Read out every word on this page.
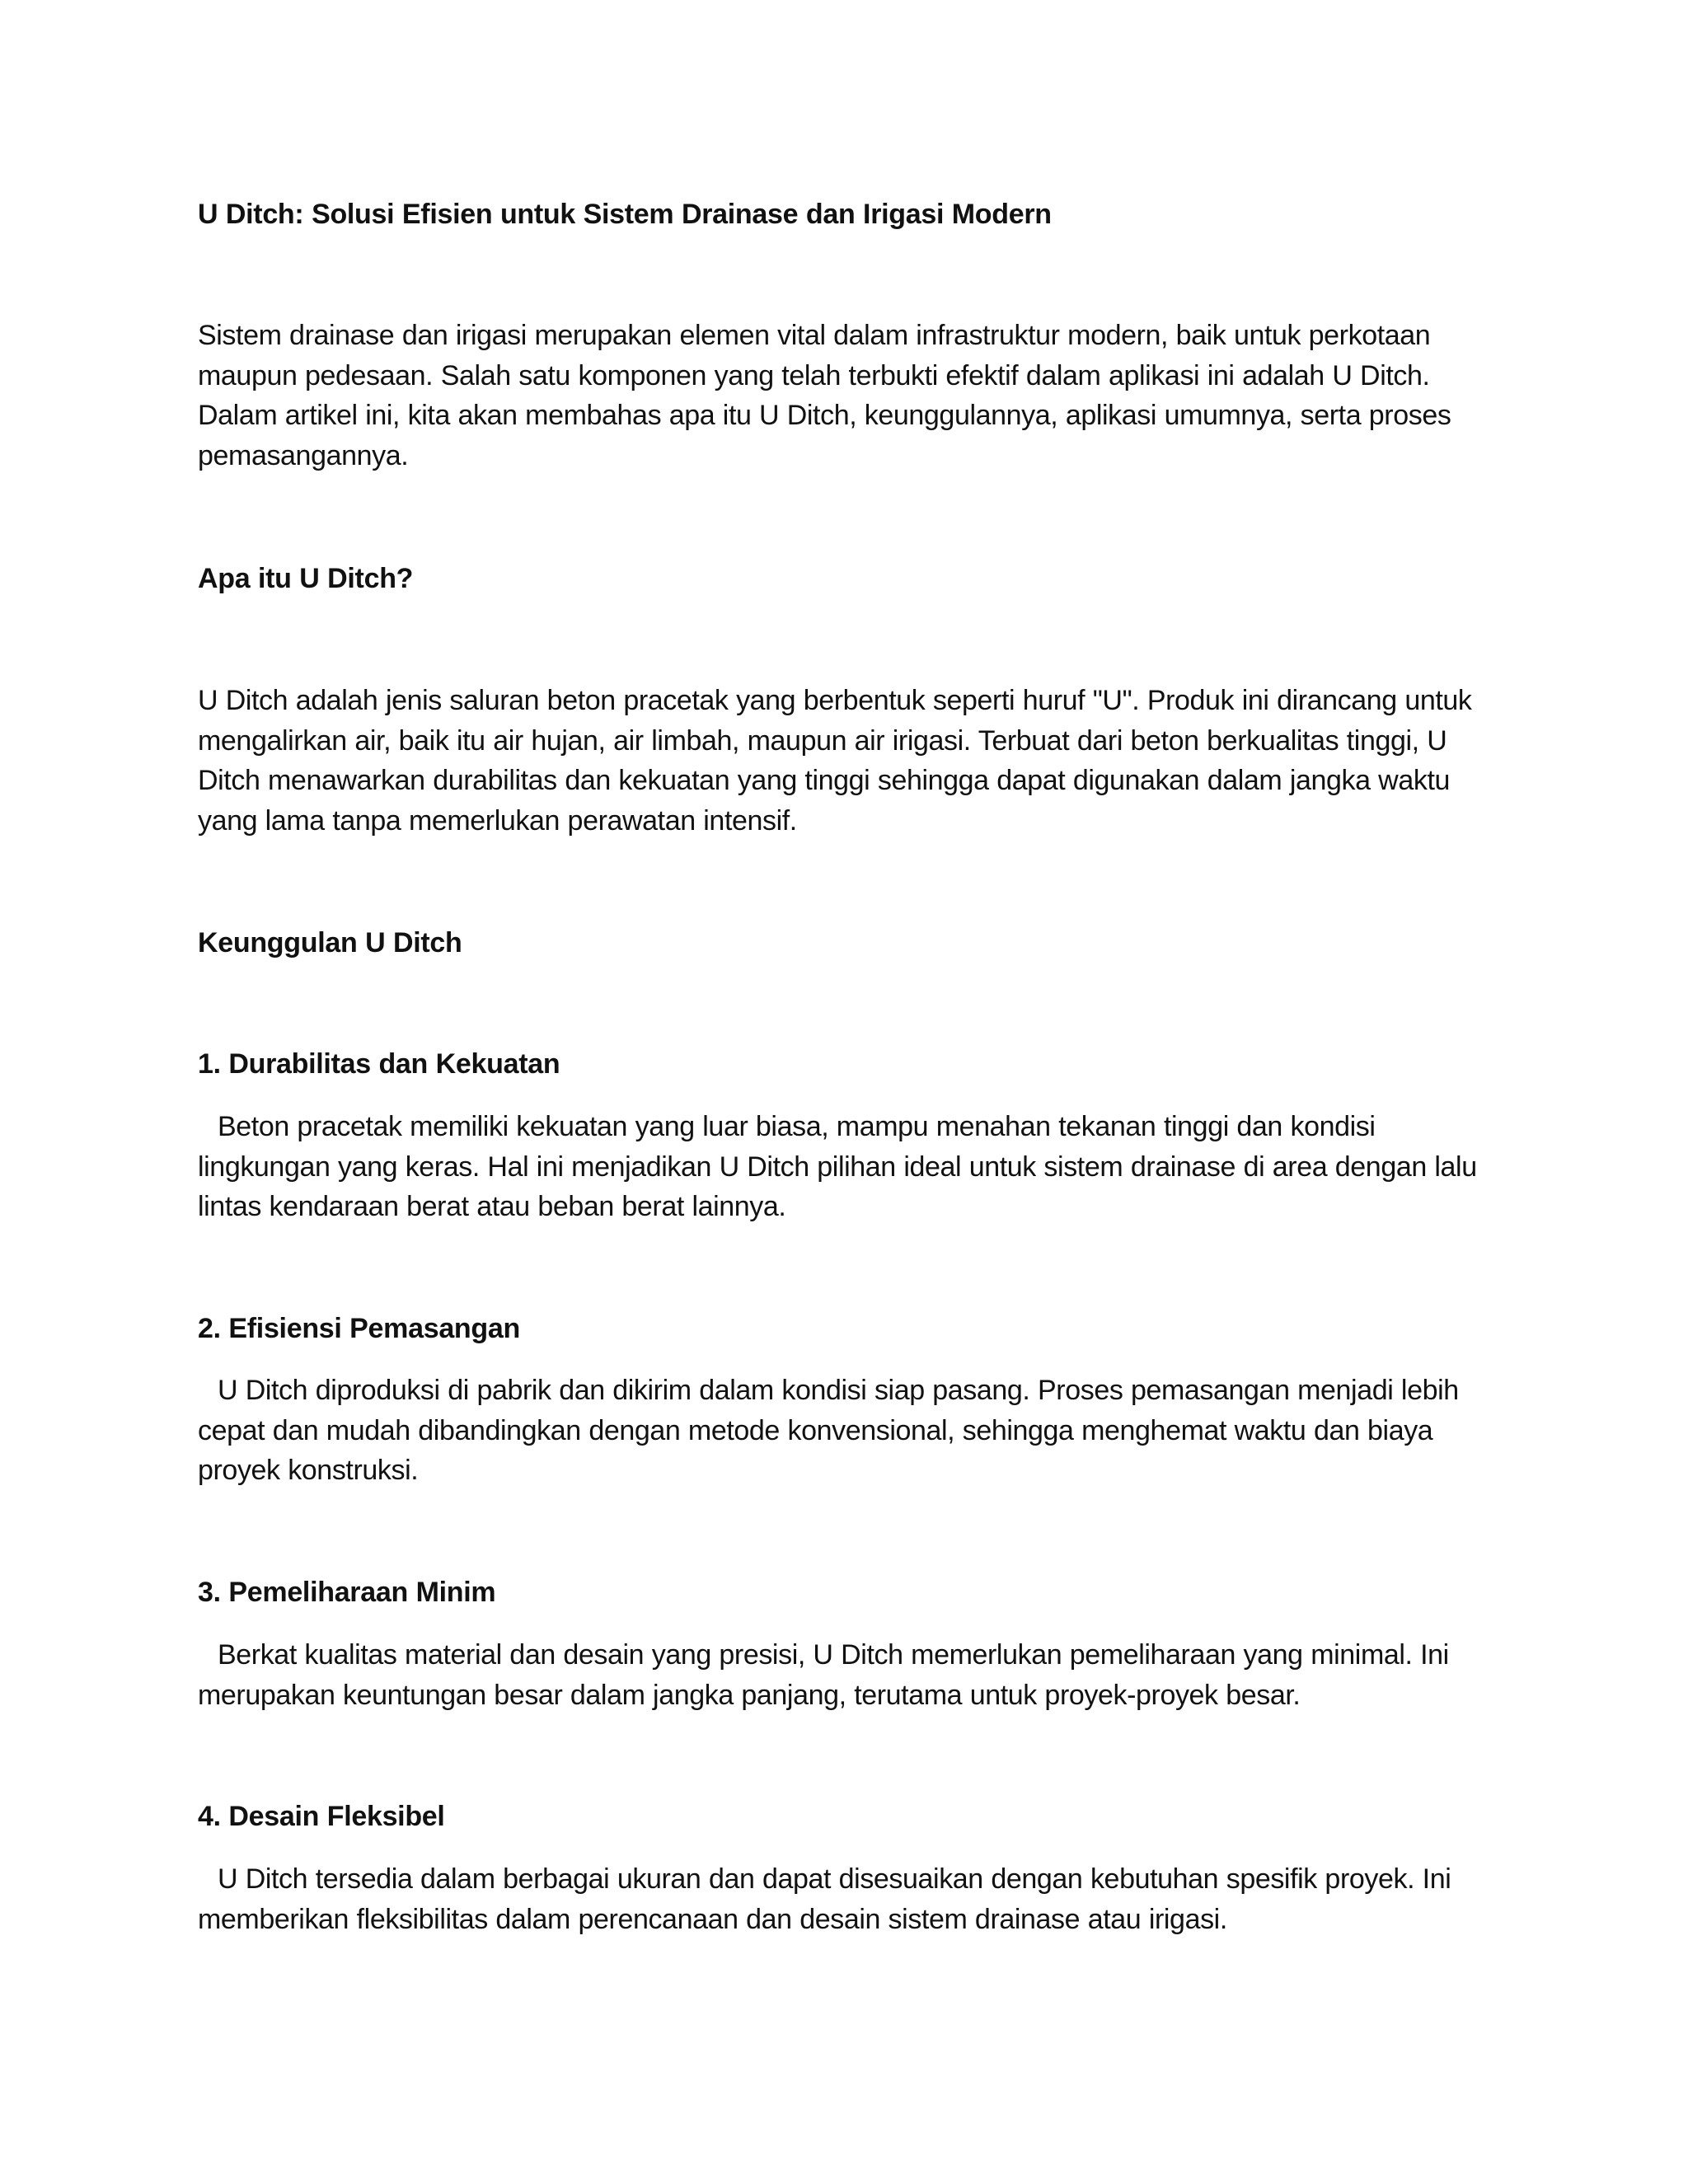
U Ditch: Solusi Efisien untuk Sistem Drainase dan Irigasi Modern

Sistem drainase dan irigasi merupakan elemen vital dalam infrastruktur modern, baik untuk perkotaan maupun pedesaan. Salah satu komponen yang telah terbukti efektif dalam aplikasi ini adalah U Ditch. Dalam artikel ini, kita akan membahas apa itu U Ditch, keunggulannya, aplikasi umumnya, serta proses pemasangannya.

Apa itu U Ditch?

U Ditch adalah jenis saluran beton pracetak yang berbentuk seperti huruf "U". Produk ini dirancang untuk mengalirkan air, baik itu air hujan, air limbah, maupun air irigasi. Terbuat dari beton berkualitas tinggi, U Ditch menawarkan durabilitas dan kekuatan yang tinggi sehingga dapat digunakan dalam jangka waktu yang lama tanpa memerlukan perawatan intensif.

Keunggulan U Ditch

1. Durabilitas dan Kekuatan

Beton pracetak memiliki kekuatan yang luar biasa, mampu menahan tekanan tinggi dan kondisi lingkungan yang keras. Hal ini menjadikan U Ditch pilihan ideal untuk sistem drainase di area dengan lalu lintas kendaraan berat atau beban berat lainnya.

2. Efisiensi Pemasangan

U Ditch diproduksi di pabrik dan dikirim dalam kondisi siap pasang. Proses pemasangan menjadi lebih cepat dan mudah dibandingkan dengan metode konvensional, sehingga menghemat waktu dan biaya proyek konstruksi.

3. Pemeliharaan Minim

Berkat kualitas material dan desain yang presisi, U Ditch memerlukan pemeliharaan yang minimal. Ini merupakan keuntungan besar dalam jangka panjang, terutama untuk proyek-proyek besar.

4. Desain Fleksibel

U Ditch tersedia dalam berbagai ukuran dan dapat disesuaikan dengan kebutuhan spesifik proyek. Ini memberikan fleksibilitas dalam perencanaan dan desain sistem drainase atau irigasi.
